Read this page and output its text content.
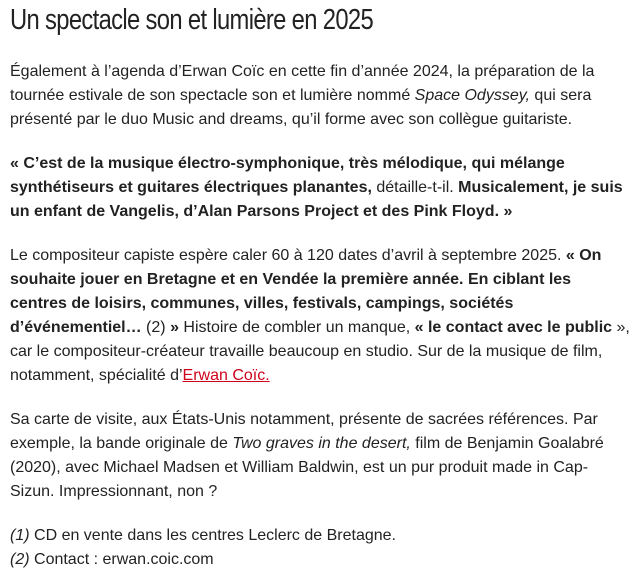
Un spectacle son et lumière en 2025

Également à l’agenda d’Erwan Coïc en cette fin d’année 2024, la préparation de la tournée estivale de son spectacle son et lumière nommé Space Odyssey, qui sera présenté par le duo Music and dreams, qu’il forme avec son collègue guitariste.

« C’est de la musique électro-symphonique, très mélodique, qui mélange synthétiseurs et guitares électriques planantes, détaille-t-il. Musicalement, je suis un enfant de Vangelis, d’Alan Parsons Project et des Pink Floyd. »

Le compositeur capiste espère caler 60 à 120 dates d’avril à septembre 2025. « On souhaite jouer en Bretagne et en Vendée la première année. En ciblant les centres de loisirs, communes, villes, festivals, campings, sociétés d’événementiel… (2) » Histoire de combler un manque, « le contact avec le public », car le compositeur-créateur travaille beaucoup en studio. Sur de la musique de film, notamment, spécialité d’Erwan Coïc.

Sa carte de visite, aux États-Unis notamment, présente de sacrées références. Par exemple, la bande originale de Two graves in the desert, film de Benjamin Goalabré (2020), avec Michael Madsen et William Baldwin, est un pur produit made in Cap-Sizun. Impressionnant, non ?

(1) CD en vente dans les centres Leclerc de Bretagne.
(2) Contact : erwan.coic.com
